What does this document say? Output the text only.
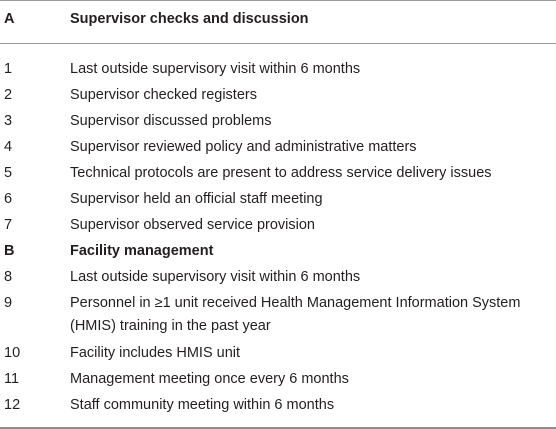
A	Supervisor checks and discussion
1	Last outside supervisory visit within 6 months
2	Supervisor checked registers
3	Supervisor discussed problems
4	Supervisor reviewed policy and administrative matters
5	Technical protocols are present to address service delivery issues
6	Supervisor held an official staff meeting
7	Supervisor observed service provision
B	Facility management
8	Last outside supervisory visit within 6 months
9	Personnel in ≥1 unit received Health Management Information System (HMIS) training in the past year
10	Facility includes HMIS unit
11	Management meeting once every 6 months
12	Staff community meeting within 6 months
